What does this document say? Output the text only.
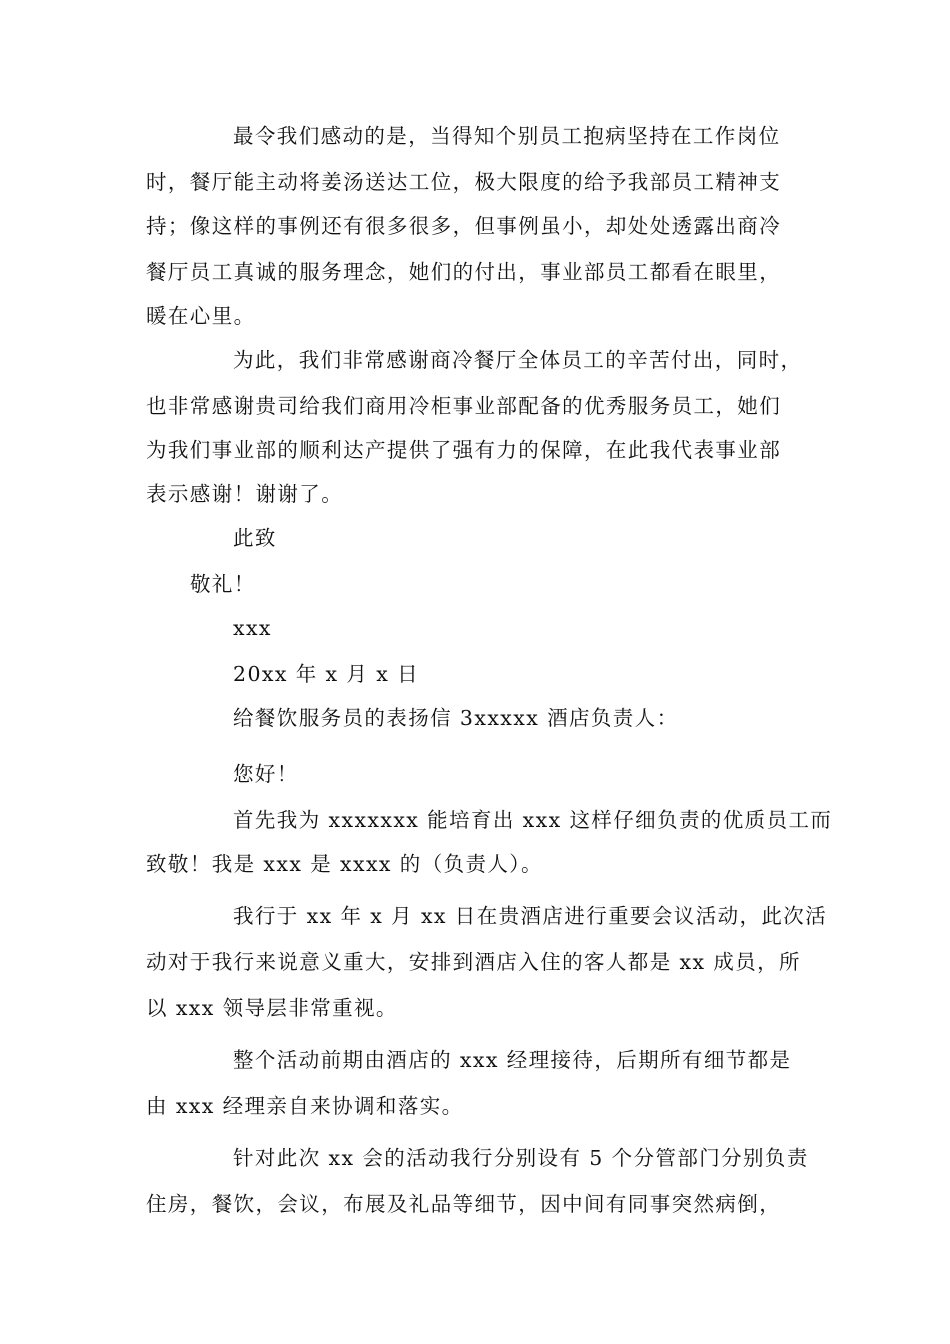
最令我们感动的是，当得知个别员工抱病坚持在工作岗位
时，餐厅能主动将姜汤送达工位，极大限度的给予我部员工精神支
持；像这样的事例还有很多很多，但事例虽小，却处处透露出商冷
餐厅员工真诚的服务理念，她们的付出，事业部员工都看在眼里，
暖在心里。
为此，我们非常感谢商冷餐厅全体员工的辛苦付出，同时，
也非常感谢贵司给我们商用冷柜事业部配备的优秀服务员工，她们
为我们事业部的顺利达产提供了强有力的保障，在此我代表事业部
表示感谢！谢谢了。
此致
敬礼！
xxx
20xx 年 x 月 x 日
给餐饮服务员的表扬信 3xxxxx 酒店负责人：
您好！
首先我为 xxxxxxx 能培育出 xxx 这样仔细负责的优质员工而
致敬！我是 xxx 是 xxxx 的（负责人）。
我行于 xx 年 x 月 xx 日在贵酒店进行重要会议活动，此次活
动对于我行来说意义重大，安排到酒店入住的客人都是 xx 成员，所
以 xxx 领导层非常重视。
整个活动前期由酒店的 xxx 经理接待，后期所有细节都是
由 xxx 经理亲自来协调和落实。
针对此次 xx 会的活动我行分别设有 5 个分管部门分别负责
住房，餐饮，会议，布展及礼品等细节，因中间有同事突然病倒，
